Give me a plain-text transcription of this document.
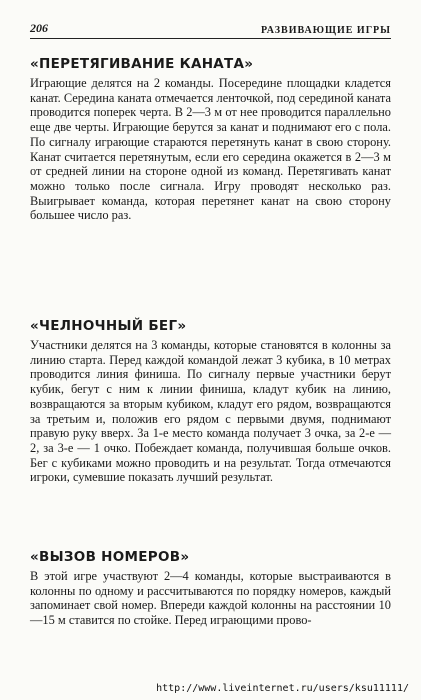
206	РАЗВИВАЮЩИЕ ИГРЫ

«ПЕРЕТЯГИВАНИЕ КАНАТА»

Играющие делятся на 2 команды. Посередине площадки кладется канат. Середина каната отмечается ленточкой, под серединой каната проводится поперек черта. В 2—3 м от нее проводится параллельно еще две черты. Играющие берутся за канат и поднимают его с пола. По сигналу играющие стараются перетянуть канат в свою сторону. Канат считается перетянутым, если его середина окажется в 2—3 м от средней линии на стороне одной из команд. Перетягивать канат можно только после сигнала. Игру проводят несколько раз. Выигрывает команда, которая перетянет канат на свою сторону большее число раз.

«ЧЕЛНОЧНЫЙ БЕГ»

Участники делятся на 3 команды, которые становятся в колонны за линию старта. Перед каждой командой лежат 3 кубика, в 10 метрах проводится линия финиша. По сигналу первые участники берут кубик, бегут с ним к линии финиша, кладут кубик на линию, возвращаются за вторым кубиком, кладут его рядом, возвращаются за третьим и, положив его рядом с первыми двумя, поднимают правую руку вверх. За 1-е место команда получает 3 очка, за 2-е — 2, за 3-е — 1 очко. Побеждает команда, получившая больше очков. Бег с кубиками можно проводить и на результат. Тогда отмечаются игроки, сумевшие показать лучший результат.

«ВЫЗОВ НОМЕРОВ»

В этой игре участвуют 2—4 команды, которые выстраиваются в колонны по одному и рассчитываются по порядку номеров, каждый запоминает свой номер. Впереди каждой колонны на расстоянии 10—15 м ставится по стойке. Перед играющими прово-

http://www.liveinternet.ru/users/ksu11111/
